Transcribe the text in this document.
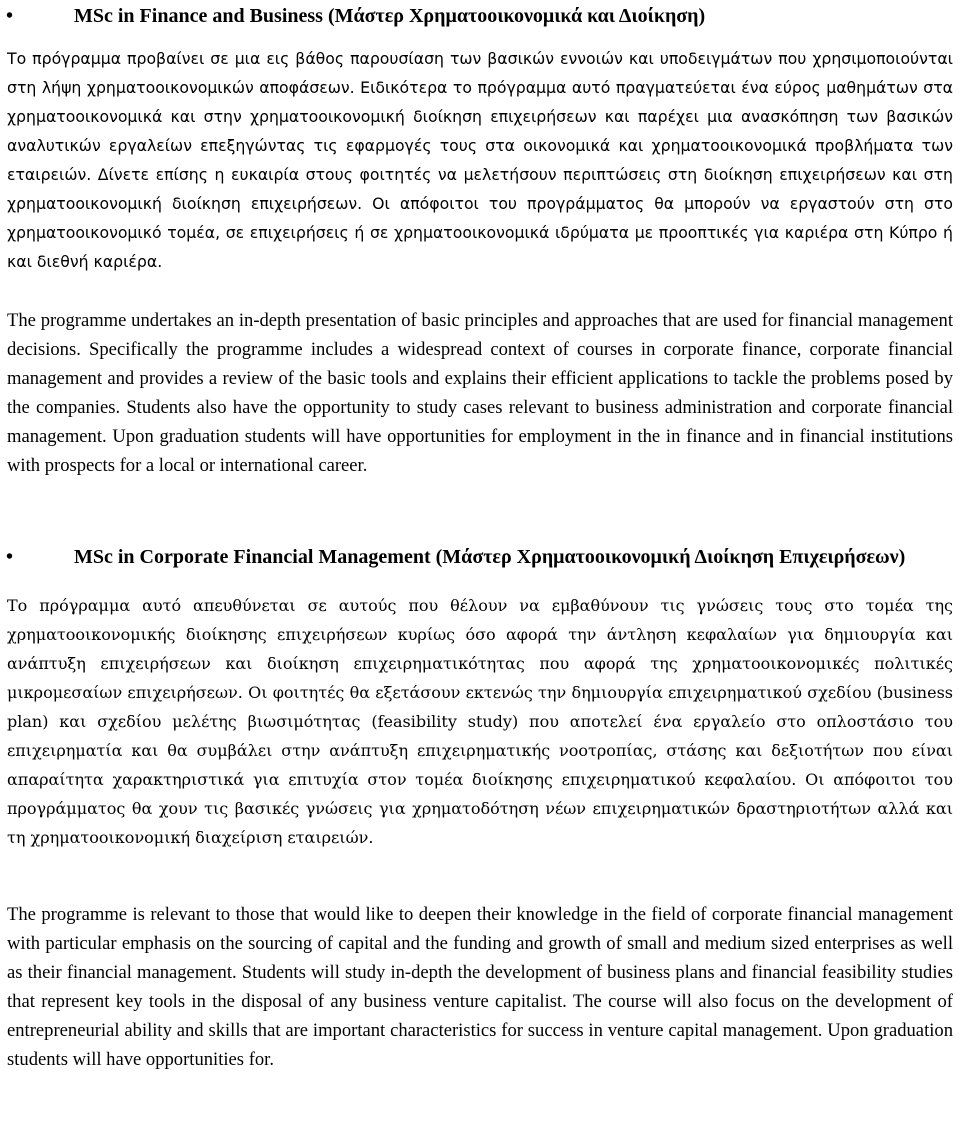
•	MSc in Finance and Business (Μάστερ Χρηματοοικονομικά και Διοίκηση)

Το πρόγραμμα προβαίνει σε μια εις βάθος παρουσίαση των βασικών εννοιών και υποδειγμάτων που χρησιμοποιούνται στη λήψη χρηματοοικονομικών αποφάσεων. Ειδικότερα το πρόγραμμα αυτό πραγματεύεται ένα εύρος μαθημάτων στα χρηματοοικονομικά και στην χρηματοοικονομική διοίκηση επιχειρήσεων και παρέχει μια ανασκόπηση των βασικών αναλυτικών εργαλείων επεξηγώντας τις εφαρμογές τους στα οικονομικά και χρηματοοικονομικά προβλήματα των εταιρειών. Δίνετε επίσης η ευκαιρία στους φοιτητές να μελετήσουν περιπτώσεις στη διοίκηση επιχειρήσεων και στη χρηματοοικονομική διοίκηση επιχειρήσεων. Οι απόφοιτοι του προγράμματος θα μπορούν να εργαστούν στη στο χρηματοοικονομικό τομέα, σε επιχειρήσεις ή σε χρηματοοικονομικά ιδρύματα με προοπτικές για καριέρα στη Κύπρο ή και διεθνή καριέρα.

The programme undertakes an in-depth presentation of basic principles and approaches that are used for financial management decisions. Specifically the programme includes a widespread context of courses in corporate finance, corporate financial management and provides a review of the basic tools and explains their efficient applications to tackle the problems posed by the companies. Students also have the opportunity to study cases relevant to business administration and corporate financial management. Upon graduation students will have opportunities for employment in the in finance and in financial institutions with prospects for a local or international career.

•	MSc in Corporate Financial Management (Μάστερ Χρηματοοικονομική Διοίκηση Επιχειρήσεων)

Το πρόγραμμα αυτό απευθύνεται σε αυτούς που θέλουν να εμβαθύνουν τις γνώσεις τους στο τομέα της χρηματοοικονομικής διοίκησης επιχειρήσεων κυρίως όσο αφορά την άντληση κεφαλαίων για δημιουργία και ανάπτυξη επιχειρήσεων και διοίκηση επιχειρηματικότητας που αφορά της χρηματοοικονομικές πολιτικές μικρομεσαίων επιχειρήσεων. Οι φοιτητές θα εξετάσουν εκτενώς την δημιουργία επιχειρηματικού σχεδίου (business plan) και σχεδίου μελέτης βιωσιμότητας (feasibility study) που αποτελεί ένα εργαλείο στο οπλοστάσιο του επιχειρηματία και θα συμβάλει στην ανάπτυξη επιχειρηματικής νοοτροπίας, στάσης και δεξιοτήτων που είναι απαραίτητα χαρακτηριστικά για επιτυχία στον τομέα διοίκησης επιχειρηματικού κεφαλαίου. Οι απόφοιτοι του προγράμματος θα χουν τις βασικές γνώσεις για χρηματοδότηση νέων επιχειρηματικών δραστηριοτήτων αλλά και τη χρηματοοικονομική διαχείριση εταιρειών.

The programme is relevant to those that would like to deepen their knowledge in the field of corporate financial management with particular emphasis on the sourcing of capital and the funding and growth of small and medium sized enterprises as well as their financial management. Students will study in-depth the development of business plans and financial feasibility studies that represent key tools in the disposal of any business venture capitalist. The course will also focus on the development of entrepreneurial ability and skills that are important characteristics for success in venture capital management. Upon graduation students will have opportunities for.
